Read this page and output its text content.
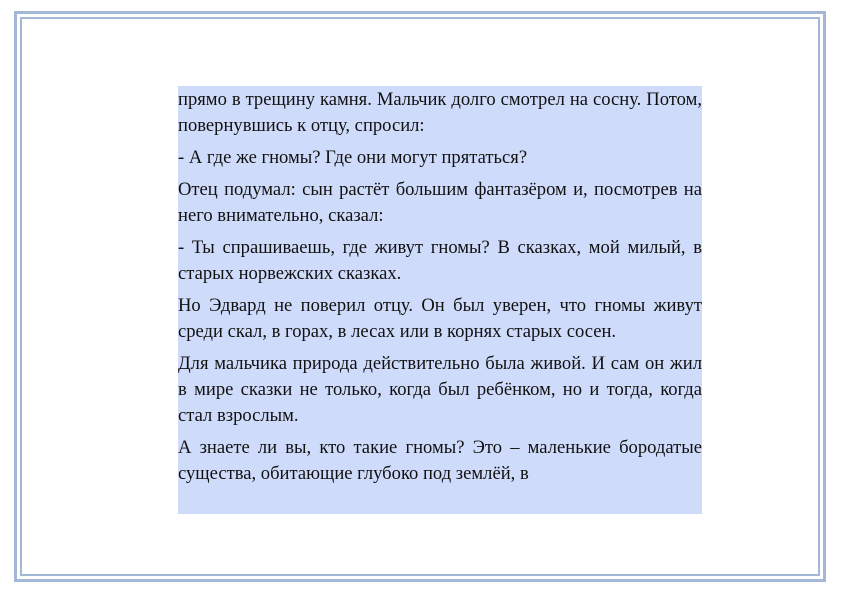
прямо в трещину камня. Мальчик долго смотрел на сосну. Потом, повернувшись к отцу, спросил:

- А где же гномы? Где они могут прятаться?

Отец подумал: сын растёт большим фантазёром и, посмотрев на него внимательно, сказал:

- Ты спрашиваешь, где живут гномы? В сказках, мой милый, в старых норвежских сказках.

Но Эдвард не поверил отцу. Он был уверен, что гномы живут среди скал, в горах, в лесах или в корнях старых сосен.

Для мальчика природа действительно была живой. И сам он жил в мире сказки не только, когда был ребёнком, но и тогда, когда стал взрослым.

А знаете ли вы, кто такие гномы? Это – маленькие бородатые существа, обитающие глубоко под землёй, в
